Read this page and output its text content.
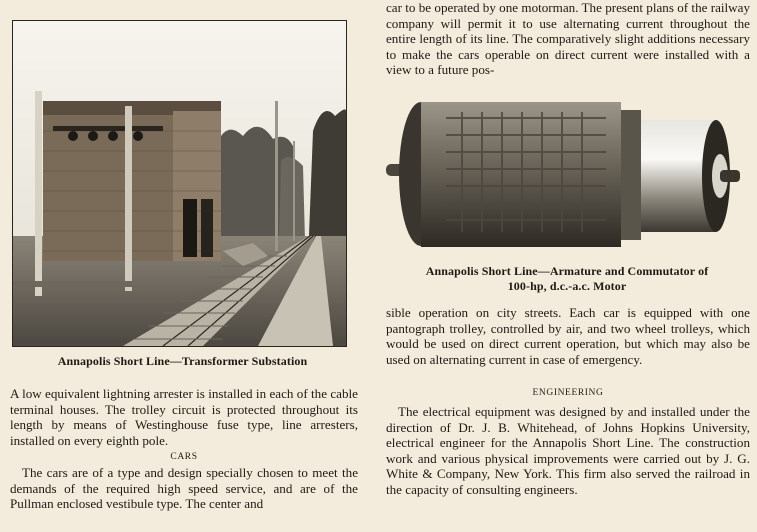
Annapolis Short Line—Transformer Substation

A low equivalent lightning arrester is installed in each of the cable terminal houses. The trolley circuit is protected throughout its length by means of Westinghouse fuse type, line arresters, installed on every eighth pole.

CARS

The cars are of a type and design specially chosen to meet the demands of the required high speed service, and are of the Pullman enclosed vestibule type. The center and

car to be operated by one motorman. The present plans of the railway company will permit it to use alternating current throughout the entire length of its line. The comparatively slight additions necessary to make the cars operable on direct current were installed with a view to a future pos-

Annapolis Short Line—Armature and Commutator of
100-hp, d.c.-a.c. Motor

sible operation on city streets. Each car is equipped with one pantograph trolley, controlled by air, and two wheel trolleys, which would be used on direct current operation, but which may also be used on alternating current in case of emergency.

ENGINEERING

The electrical equipment was designed by and installed under the direction of Dr. J. B. Whitehead, of Johns Hopkins University, electrical engineer for the Annapolis Short Line. The construction work and various physical improvements were carried out by J. G. White & Company, New York. This firm also served the railroad in the capacity of consulting engineers.
